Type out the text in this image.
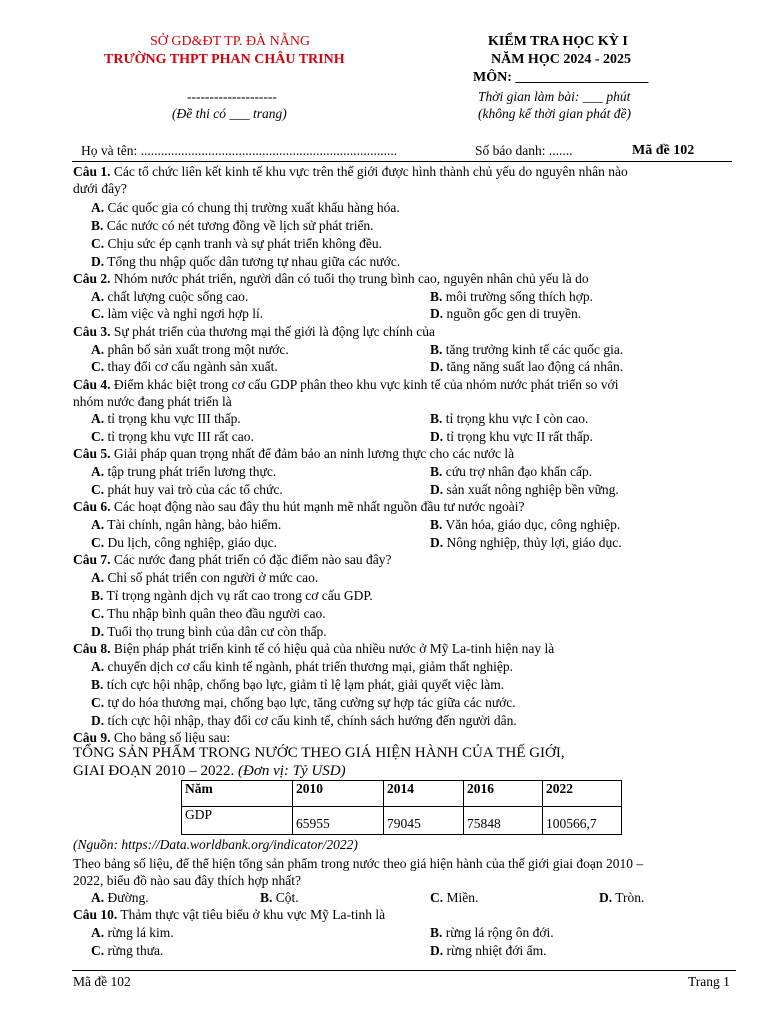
SỞ GD&ĐT TP. ĐÀ NẴNG
TRƯỜNG THPT PHAN CHÂU TRINH
--------------------
(Đề thi có ___ trang)
KIỂM TRA HỌC KỲ I
NĂM HỌC 2024 - 2025
MÔN: ___________________
Thời gian làm bài: ___ phút
(không kể thời gian phát đề)
Họ và tên: ............................................................................	Số báo danh: .......	Mã đề 102
Câu 1. Các tổ chức liên kết kinh tế khu vực trên thế giới được hình thành chủ yếu do nguyên nhân nào
dưới đây?
A. Các quốc gia có chung thị trường xuất khẩu hàng hóa.
B. Các nước có nét tương đồng về lịch sử phát triển.
C. Chịu sức ép cạnh tranh và sự phát triển không đều.
D. Tổng thu nhập quốc dân tương tự nhau giữa các nước.
Câu 2. Nhóm nước phát triển, người dân có tuổi thọ trung bình cao, nguyên nhân chủ yếu là do
A. chất lượng cuộc sống cao.	B. môi trường sống thích hợp.
C. làm việc và nghỉ ngơi hợp lí.	D. nguồn gốc gen di truyền.
Câu 3. Sự phát triển của thương mại thế giới là động lực chính của
A. phân bố sản xuất trong một nước.	B. tăng trưởng kinh tế các quốc gia.
C. thay đổi cơ cấu ngành sản xuất.	D. tăng năng suất lao động cá nhân.
Câu 4. Điểm khác biệt trong cơ cấu GDP phân theo khu vực kinh tế của nhóm nước phát triển so với
nhóm nước đang phát triển là
A. tỉ trọng khu vực III thấp.	B. tỉ trọng khu vực I còn cao.
C. tỉ trọng khu vực III rất cao.	D. tỉ trọng khu vực II rất thấp.
Câu 5. Giải pháp quan trọng nhất để đảm bảo an ninh lương thực cho các nước là
A. tập trung phát triển lương thực.	B. cứu trợ nhân đạo khẩn cấp.
C. phát huy vai trò của các tổ chức.	D. sản xuất nông nghiệp bền vững.
Câu 6. Các hoạt động nào sau đây thu hút mạnh mẽ nhất nguồn đầu tư nước ngoài?
A. Tài chính, ngân hàng, bảo hiểm.	B. Văn hóa, giáo dục, công nghiệp.
C. Du lịch, công nghiệp, giáo dục.	D. Nông nghiệp, thủy lợi, giáo dục.
Câu 7. Các nước đang phát triển có đặc điểm nào sau đây?
A. Chỉ số phát triển con người ở mức cao.
B. Tỉ trọng ngành dịch vụ rất cao trong cơ cấu GDP.
C. Thu nhập bình quân theo đầu người cao.
D. Tuổi thọ trung bình của dân cư còn thấp.
Câu 8. Biện pháp phát triển kinh tế có hiệu quả của nhiều nước ở Mỹ La-tinh hiện nay là
A. chuyển dịch cơ cấu kinh tế ngành, phát triển thương mại, giảm thất nghiệp.
B. tích cực hội nhập, chống bạo lực, giảm tỉ lệ lạm phát, giải quyết việc làm.
C. tự do hóa thương mại, chống bạo lực, tăng cường sự hợp tác giữa các nước.
D. tích cực hội nhập, thay đổi cơ cấu kinh tế, chính sách hướng đến người dân.
Câu 9. Cho bảng số liệu sau:
TỔNG SẢN PHẨM TRONG NƯỚC THEO GIÁ HIỆN HÀNH CỦA THẾ GIỚI,
GIAI ĐOẠN 2010 – 2022. (Đơn vị: Tỷ USD)
Năm	2010	2014	2016	2022
GDP	65955	79045	75848	100566,7
(Nguồn: https://Data.worldbank.org/indicator/2022)
Theo bảng số liệu, để thể hiện tổng sản phẩm trong nước theo giá hiện hành của thế giới giai đoạn 2010 –
2022, biểu đồ nào sau đây thích hợp nhất?
A. Đường.	B. Cột.	C. Miền.	D. Tròn.
Câu 10. Thảm thực vật tiêu biểu ở khu vực Mỹ La-tinh là
A. rừng lá kim.	B. rừng lá rộng ôn đới.
C. rừng thưa.	D. rừng nhiệt đới ẩm.
Mã đề 102	Trang 1
